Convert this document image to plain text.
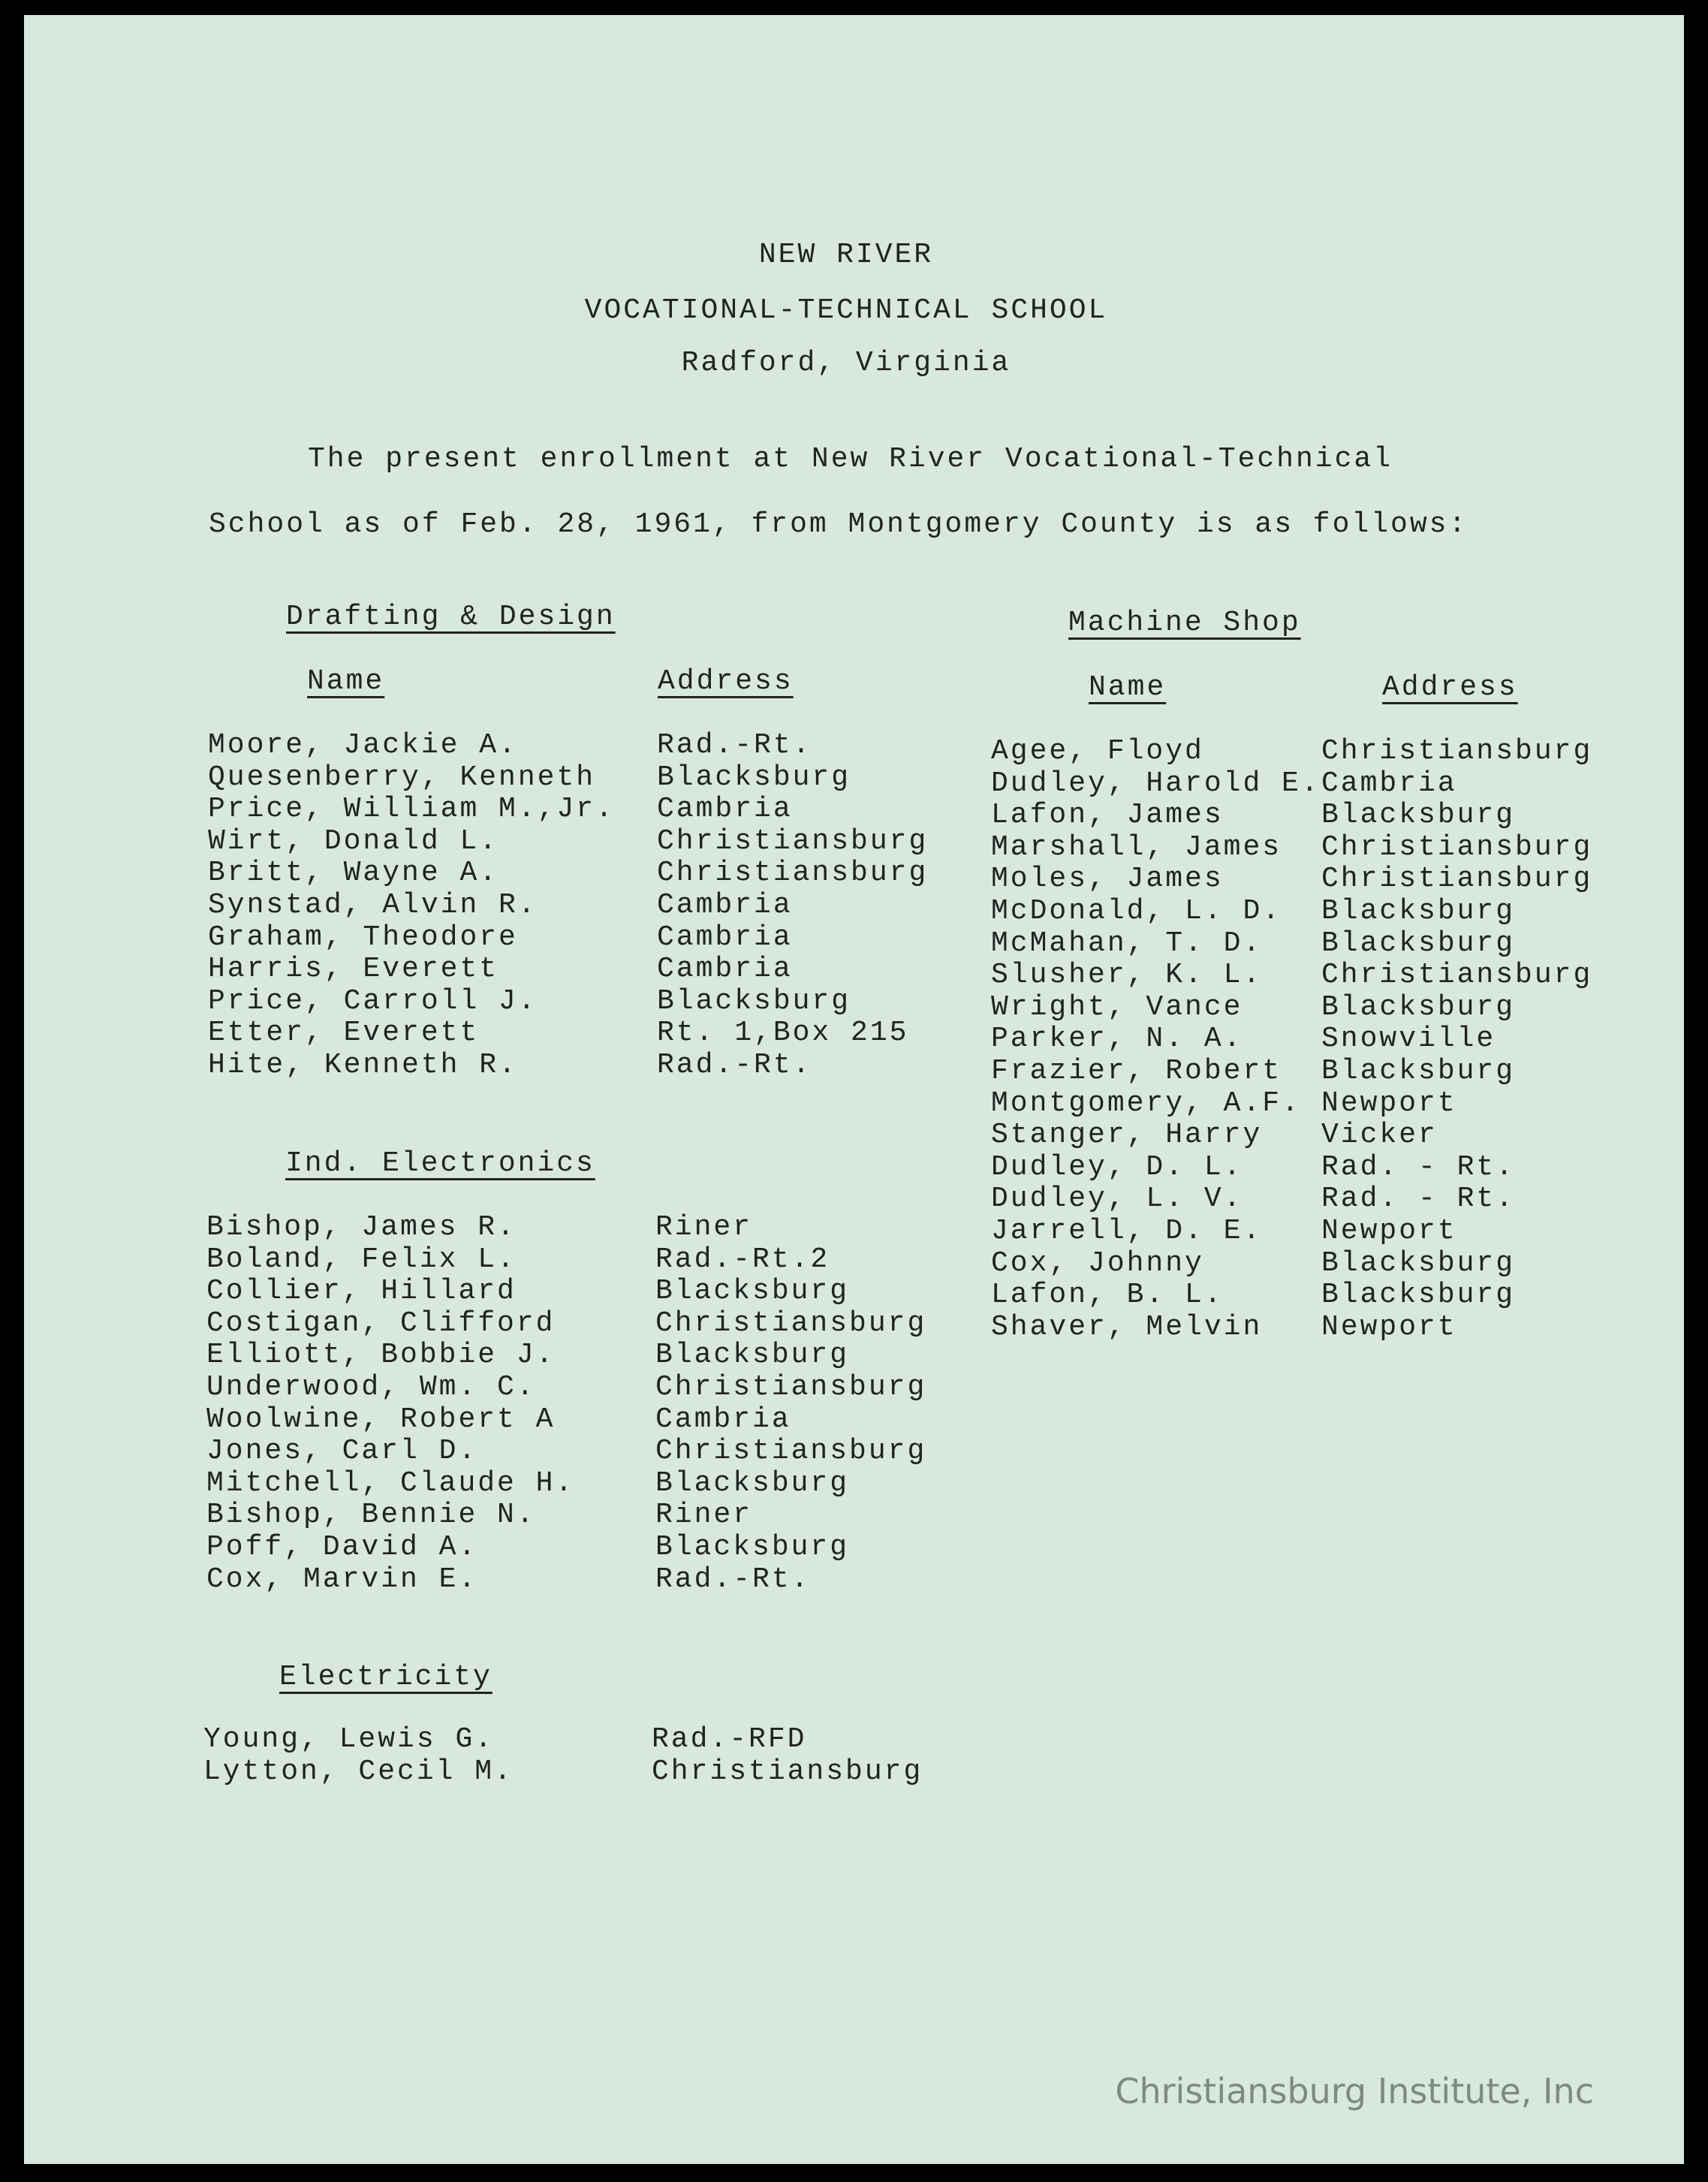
NEW RIVER
VOCATIONAL-TECHNICAL SCHOOL
Radford, Virginia
The present enrollment at New River Vocational-Technical
School as of Feb. 28, 1961, from Montgomery County is as follows:
Drafting & Design
Name	Address
Moore, Jackie A.
Quesenberry, Kenneth
Price, William M.,Jr.
Wirt, Donald L.
Britt, Wayne A.
Synstad, Alvin R.
Graham, Theodore
Harris, Everett
Price, Carroll J.
Etter, Everett
Hite, Kenneth R.
Rad.-Rt.
Blacksburg
Cambria
Christiansburg
Christiansburg
Cambria
Cambria
Cambria
Blacksburg
Rt. 1,Box 215
Rad.-Rt.
Ind. Electronics
Bishop, James R.
Boland, Felix L.
Collier, Hillard
Costigan, Clifford
Elliott, Bobbie J.
Underwood, Wm. C.
Woolwine, Robert A
Jones, Carl D.
Mitchell, Claude H.
Bishop, Bennie N.
Poff, David A.
Cox, Marvin E.
Riner
Rad.-Rt.2
Blacksburg
Christiansburg
Blacksburg
Christiansburg
Cambria
Christiansburg
Blacksburg
Riner
Blacksburg
Rad.-Rt.
Electricity
Young, Lewis G.
Lytton, Cecil M.
Rad.-RFD
Christiansburg
Machine Shop
Name	Address
Agee, Floyd
Dudley, Harold E.
Lafon, James
Marshall, James
Moles, James
McDonald, L. D.
McMahan, T. D.
Slusher, K. L.
Wright, Vance
Parker, N. A.
Frazier, Robert
Montgomery, A.F.
Stanger, Harry
Dudley, D. L.
Dudley, L. V.
Jarrell, D. E.
Cox, Johnny
Lafon, B. L.
Shaver, Melvin
Christiansburg
Cambria
Blacksburg
Christiansburg
Christiansburg
Blacksburg
Blacksburg
Christiansburg
Blacksburg
Snowville
Blacksburg
Newport
Vicker
Rad. - Rt.
Rad. - Rt.
Newport
Blacksburg
Blacksburg
Newport
Christiansburg Institute, Inc
